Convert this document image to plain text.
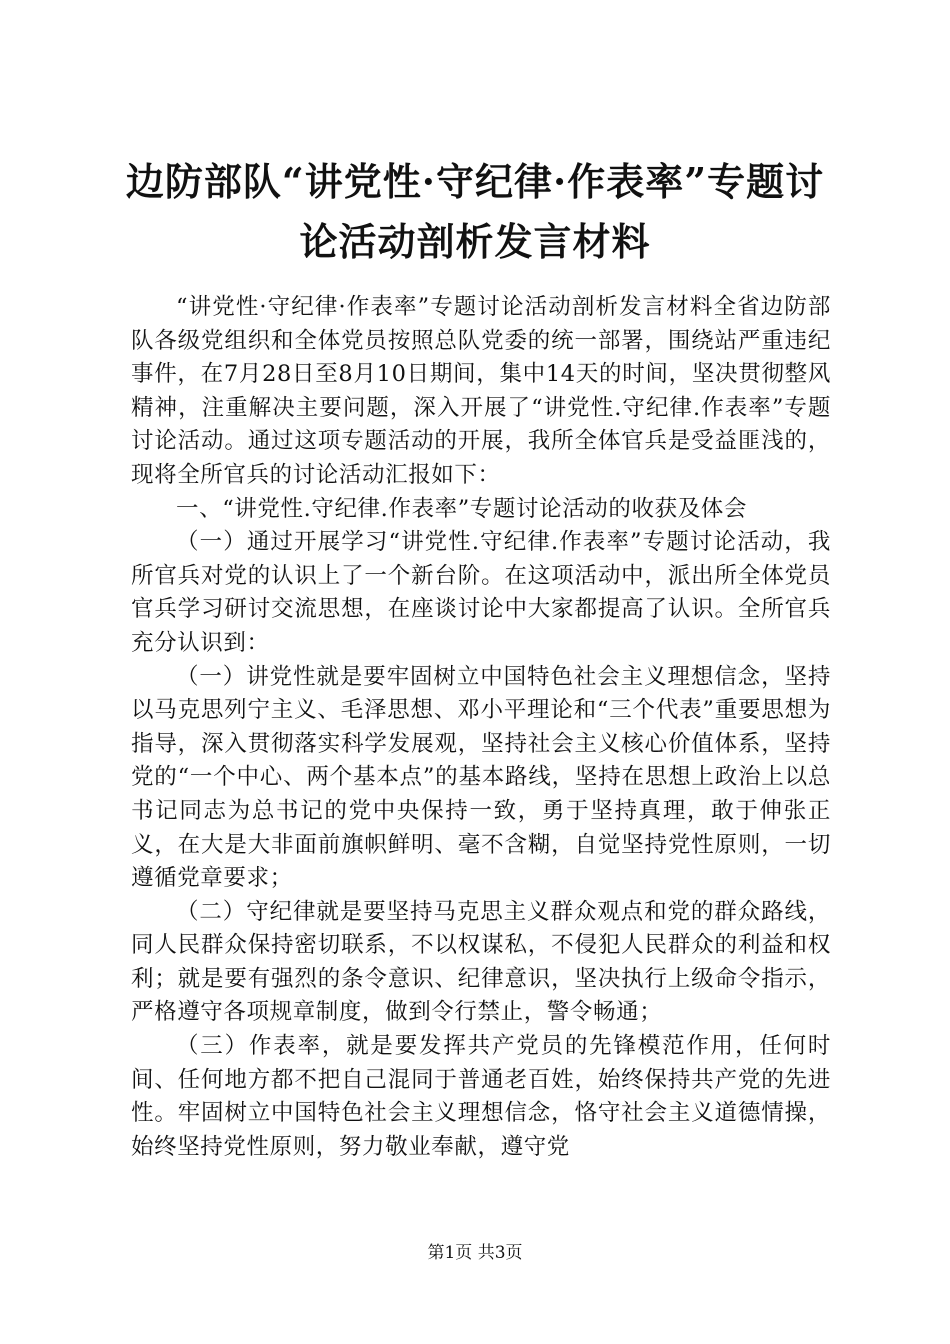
边防部队“讲党性·守纪律·作表率”专题讨
论活动剖析发言材料

“讲党性·守纪律·作表率”专题讨论活动剖析发言材料全省边防部队各级党组织和全体党员按照总队党委的统一部署，围绕站严重违纪事件，在7月28日至8月10日期间，集中14天的时间，坚决贯彻整风精神，注重解决主要问题，深入开展了“讲党性.守纪律.作表率”专题讨论活动。通过这项专题活动的开展，我所全体官兵是受益匪浅的，现将全所官兵的讨论活动汇报如下：

一、“讲党性.守纪律.作表率”专题讨论活动的收获及体会

（一）通过开展学习“讲党性.守纪律.作表率”专题讨论活动，我所官兵对党的认识上了一个新台阶。在这项活动中，派出所全体党员官兵学习研讨交流思想，在座谈讨论中大家都提高了认识。全所官兵充分认识到：

（一）讲党性就是要牢固树立中国特色社会主义理想信念，坚持以马克思列宁主义、毛泽思想、邓小平理论和“三个代表”重要思想为指导，深入贯彻落实科学发展观，坚持社会主义核心价值体系，坚持党的“一个中心、两个基本点”的基本路线，坚持在思想上政治上以总书记同志为总书记的党中央保持一致，勇于坚持真理，敢于伸张正义，在大是大非面前旗帜鲜明、毫不含糊，自觉坚持党性原则，一切遵循党章要求；

（二）守纪律就是要坚持马克思主义群众观点和党的群众路线，同人民群众保持密切联系，不以权谋私，不侵犯人民群众的利益和权利；就是要有强烈的条令意识、纪律意识，坚决执行上级命令指示，严格遵守各项规章制度，做到令行禁止，警令畅通；

（三）作表率，就是要发挥共产党员的先锋模范作用，任何时间、任何地方都不把自己混同于普通老百姓，始终保持共产党的先进性。牢固树立中国特色社会主义理想信念，恪守社会主义道德情操，始终坚持党性原则，努力敬业奉献，遵守党

第1页 共3页
